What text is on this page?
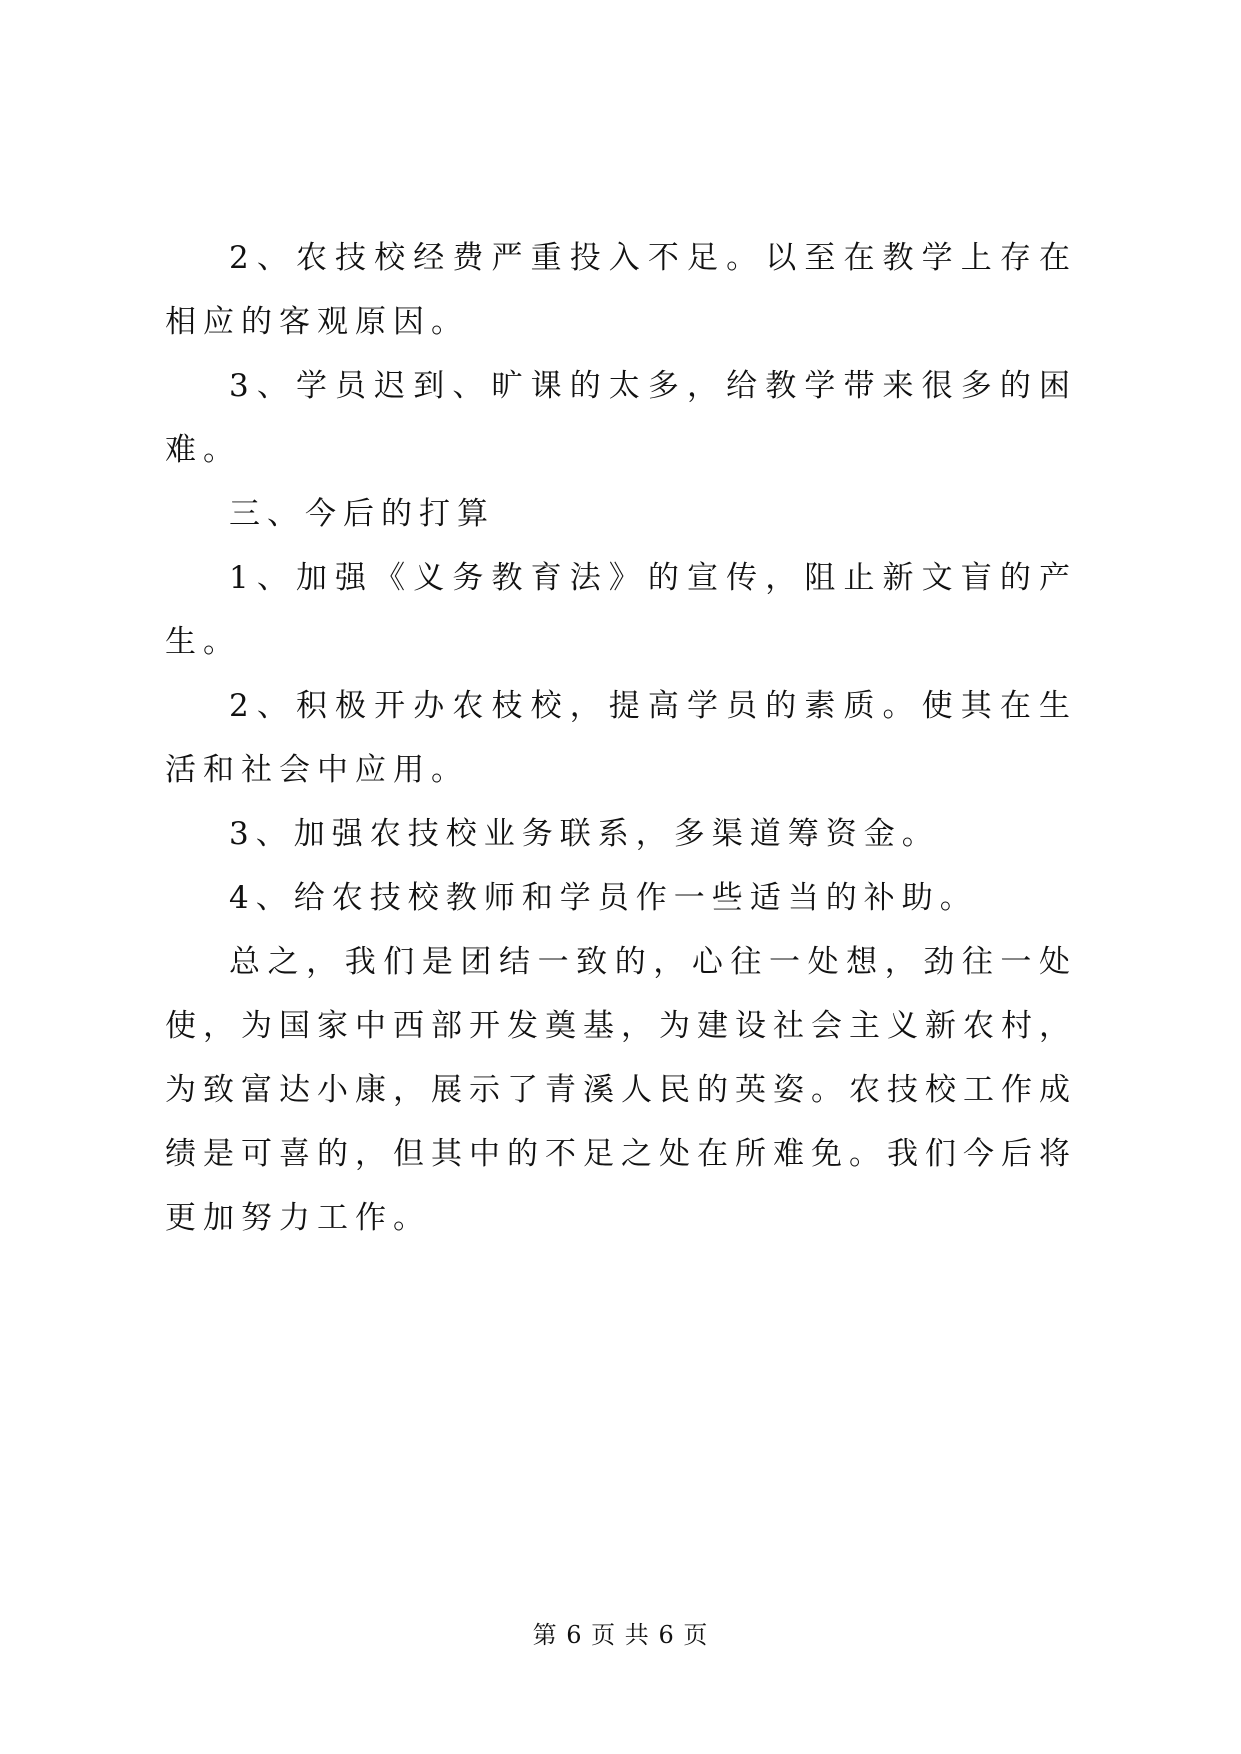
2、农技校经费严重投入不足。以至在教学上存在相应的客观原因。

3、学员迟到、旷课的太多，给教学带来很多的困难。

三、今后的打算

1、加强《义务教育法》的宣传，阻止新文盲的产生。

2、积极开办农枝校，提高学员的素质。使其在生活和社会中应用。

3、加强农技校业务联系，多渠道筹资金。

4、给农技校教师和学员作一些适当的补助。

总之，我们是团结一致的，心往一处想，劲往一处使，为国家中西部开发奠基，为建设社会主义新农村，为致富达小康，展示了青溪人民的英姿。农技校工作成绩是可喜的，但其中的不足之处在所难免。我们今后将更加努力工作。

第 6 页 共 6 页
